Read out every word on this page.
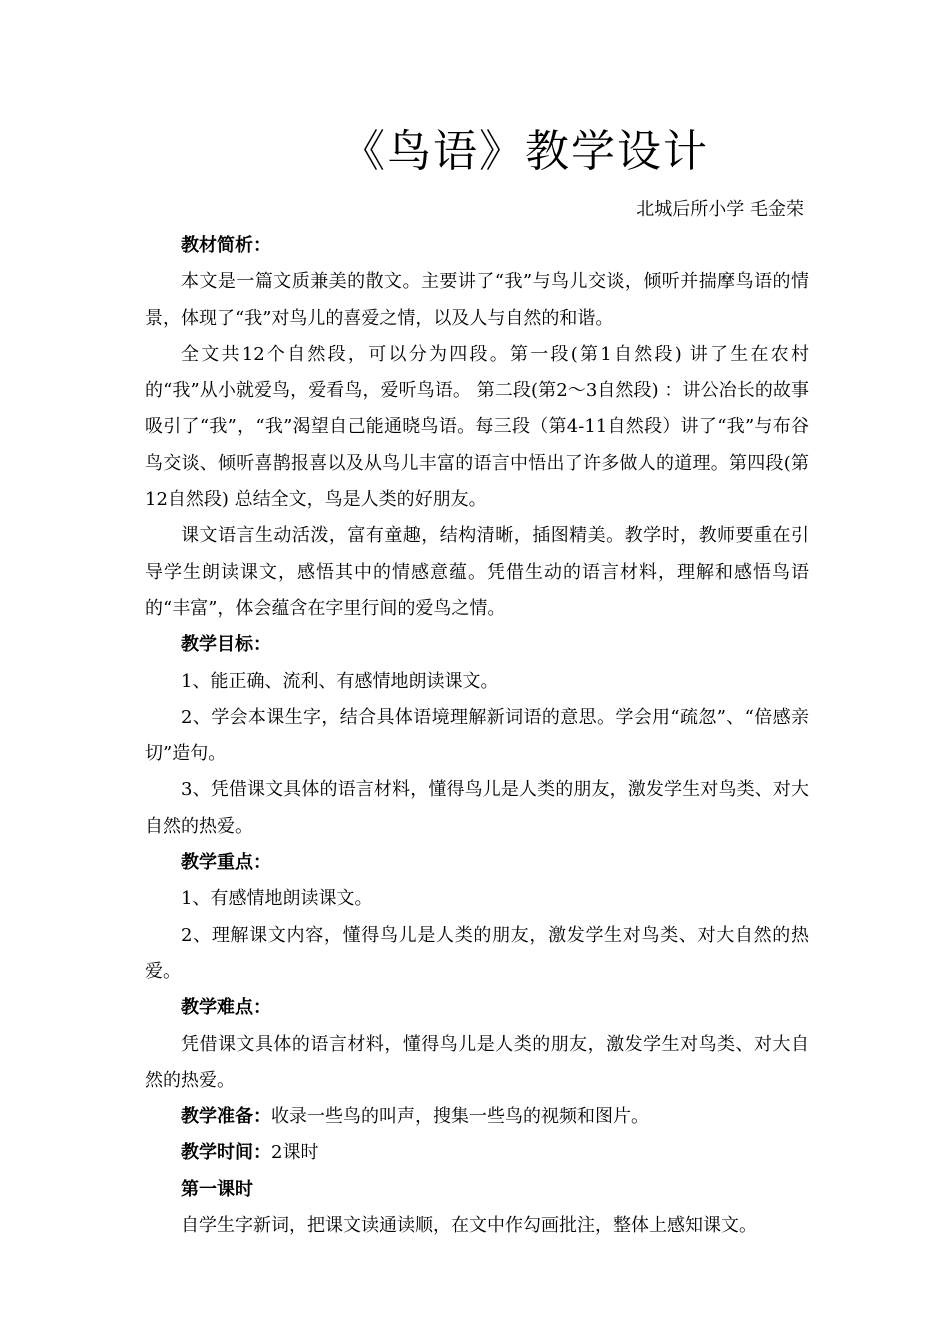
《鸟语》教学设计
北城后所小学 毛金荣

教材简析：

本文是一篇文质兼美的散文。主要讲了“我”与鸟儿交谈，倾听并揣摩鸟语的情景，体现了“我”对鸟儿的喜爱之情，以及人与自然的和谐。

全文共12个自然段，可以分为四段。第一段(第1自然段) 讲了生在农村的“我”从小就爱鸟，爱看鸟，爱听鸟语。 第二段(第2～3自然段) ：讲公冶长的故事吸引了“我”，“我”渴望自己能通晓鸟语。每三段（第4-11自然段）讲了“我”与布谷鸟交谈、倾听喜鹊报喜以及从鸟儿丰富的语言中悟出了许多做人的道理。第四段(第12自然段) 总结全文，鸟是人类的好朋友。

课文语言生动活泼，富有童趣，结构清晰，插图精美。教学时，教师要重在引导学生朗读课文，感悟其中的情感意蕴。凭借生动的语言材料，理解和感悟鸟语的“丰富”，体会蕴含在字里行间的爱鸟之情。

教学目标：

1、能正确、流利、有感情地朗读课文。

2、学会本课生字，结合具体语境理解新词语的意思。学会用“疏忽”、“倍感亲切”造句。

3、凭借课文具体的语言材料，懂得鸟儿是人类的朋友，激发学生对鸟类、对大自然的热爱。

教学重点：

1、有感情地朗读课文。

2、理解课文内容，懂得鸟儿是人类的朋友，激发学生对鸟类、对大自然的热爱。

教学难点：

凭借课文具体的语言材料，懂得鸟儿是人类的朋友，激发学生对鸟类、对大自然的热爱。

教学准备：收录一些鸟的叫声，搜集一些鸟的视频和图片。

教学时间：2课时

第一课时

自学生字新词，把课文读通读顺，在文中作勾画批注，整体上感知课文。
